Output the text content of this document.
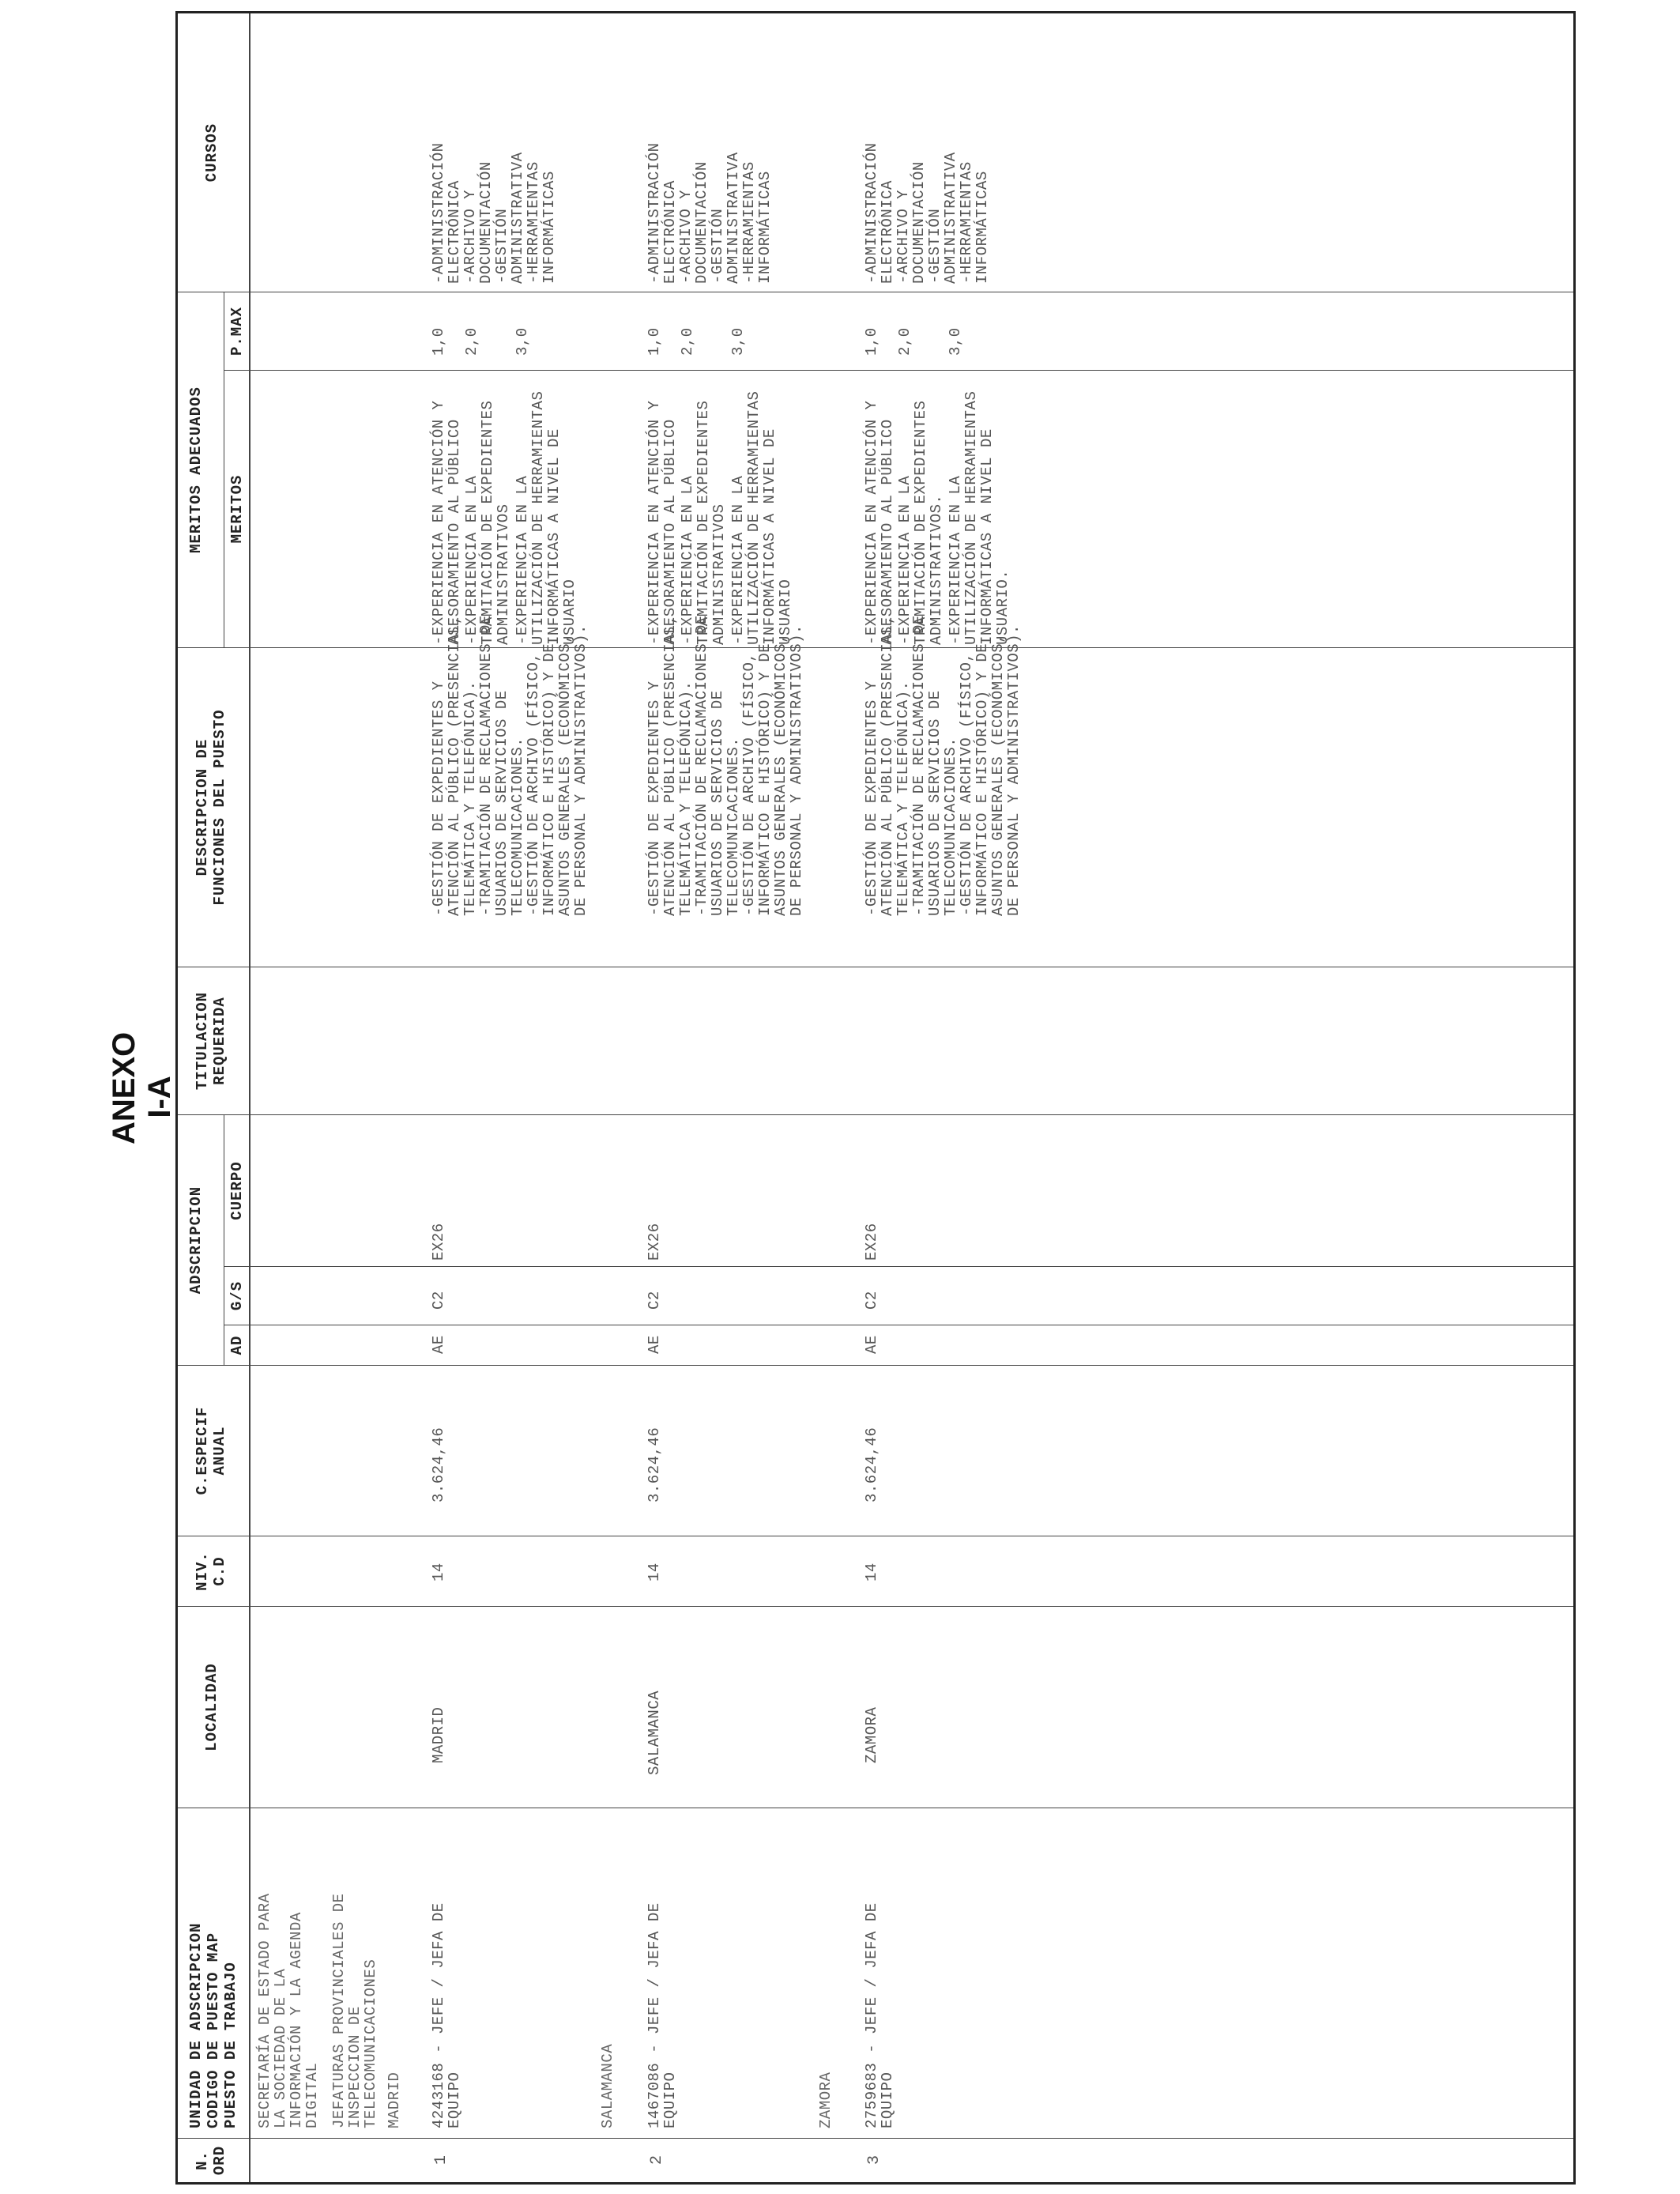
ANEXO I-A
N.
ORD
UNIDAD DE ADSCRIPCION
CODIGO DE PUESTO MAP
PUESTO DE TRABAJO
LOCALIDAD
NIV.
C.D
C.ESPECIF
ANUAL
ADSCRIPCION
AD
G/S
CUERPO
TITULACION
REQUERIDA
DESCRIPCION DE
FUNCIONES DEL PUESTO
MERITOS ADECUADOS MERITOS
P.MAX
CURSOS
SECRETARÍA DE ESTADO PARA
LA SOCIEDAD DE LA
INFORMACIÓN Y LA AGENDA
DIGITAL JEFATURAS PROVINCIALES DE
INSPECCION DE
TELECOMUNICACIONES MADRID
1
4243168 - JEFE / JEFA DE
EQUIPO
MADRID
14
3.624,46
AE
C2
EX26
-GESTIÓN DE EXPEDIENTES Y
ATENCIÓN AL PÚBLICO (PRESENCIAL,
TELEMÁTICA Y TELEFÓNICA).
-TRAMITACIÓN DE RECLAMACIONES DE
USUARIOS DE SERVICIOS DE
TELECOMUNICACIONES.
-GESTIÓN DE ARCHIVO (FÍSICO,
INFORMÁTICO E HISTÓRICO) Y DE
ASUNTOS GENERALES (ECONÓMICOS,
DE PERSONAL Y ADMINISTRATIVOS).
-EXPERIENCIA EN ATENCIÓN Y
ASESORAMIENTO AL PÚBLICO
-EXPERIENCIA EN LA
TRAMITACIÓN DE EXPEDIENTES
ADMINISTRATIVOS -EXPERIENCIA EN LA
UTILIZACIÓN DE HERRAMIENTAS
INFORMÁTICAS A NIVEL DE
USUARIO
1,0 2,0 3,0
-ADMINISTRACIÓN
ELECTRÓNICA
-ARCHIVO Y
DOCUMENTACIÓN
-GESTIÓN
ADMINISTRATIVA
-HERRAMIENTAS
INFORMÁTICAS
SALAMANCA
2
1467086 - JEFE / JEFA DE
EQUIPO
SALAMANCA
14
3.624,46
AE
C2
EX26
-GESTIÓN DE EXPEDIENTES Y
ATENCIÓN AL PÚBLICO (PRESENCIAL,
TELEMÁTICA Y TELEFÓNICA).
-TRAMITACIÓN DE RECLAMACIONES DE
USUARIOS DE SERVICIOS DE
TELECOMUNICACIONES.
-GESTIÓN DE ARCHIVO (FÍSICO,
INFORMÁTICO E HISTÓRICO) Y DE
ASUNTOS GENERALES (ECONÓMICOS,
DE PERSONAL Y ADMINISTRATIVOS).
-EXPERIENCIA EN ATENCIÓN Y
ASESORAMIENTO AL PÚBLICO
-EXPERIENCIA EN LA
TRAMITACIÓN DE EXPEDIENTES
ADMINISTRATIVOS -EXPERIENCIA EN LA
UTILIZACIÓN DE HERRAMIENTAS
INFORMÁTICAS A NIVEL DE
USUARIO
1,0 2,0 3,0
-ADMINISTRACIÓN
ELECTRÓNICA
-ARCHIVO Y
DOCUMENTACIÓN
-GESTIÓN
ADMINISTRATIVA
-HERRAMIENTAS
INFORMÁTICAS
ZAMORA
3
2759683 - JEFE / JEFA DE
EQUIPO
ZAMORA
14
3.624,46
AE
C2
EX26
-GESTIÓN DE EXPEDIENTES Y
ATENCIÓN AL PÚBLICO (PRESENCIAL,
TELEMÁTICA Y TELEFÓNICA).
-TRAMITACIÓN DE RECLAMACIONES DE
USUARIOS DE SERVICIOS DE
TELECOMUNICACIONES.
-GESTIÓN DE ARCHIVO (FÍSICO,
INFORMÁTICO E HISTÓRICO) Y DE
ASUNTOS GENERALES (ECONÓMICOS,
DE PERSONAL Y ADMINISTRATIVOS).
-EXPERIENCIA EN ATENCIÓN Y
ASESORAMIENTO AL PÚBLICO
-EXPERIENCIA EN LA
TRAMITACIÓN DE EXPEDIENTES
ADMINISTRATIVOS. -EXPERIENCIA EN LA
UTILIZACIÓN DE HERRAMIENTAS
INFORMÁTICAS A NIVEL DE
USUARIO.
1,0 2,0 3,0
-ADMINISTRACIÓN
ELECTRÓNICA
-ARCHIVO Y
DOCUMENTACIÓN
-GESTIÓN
ADMINISTRATIVA
-HERRAMIENTAS
INFORMÁTICAS
